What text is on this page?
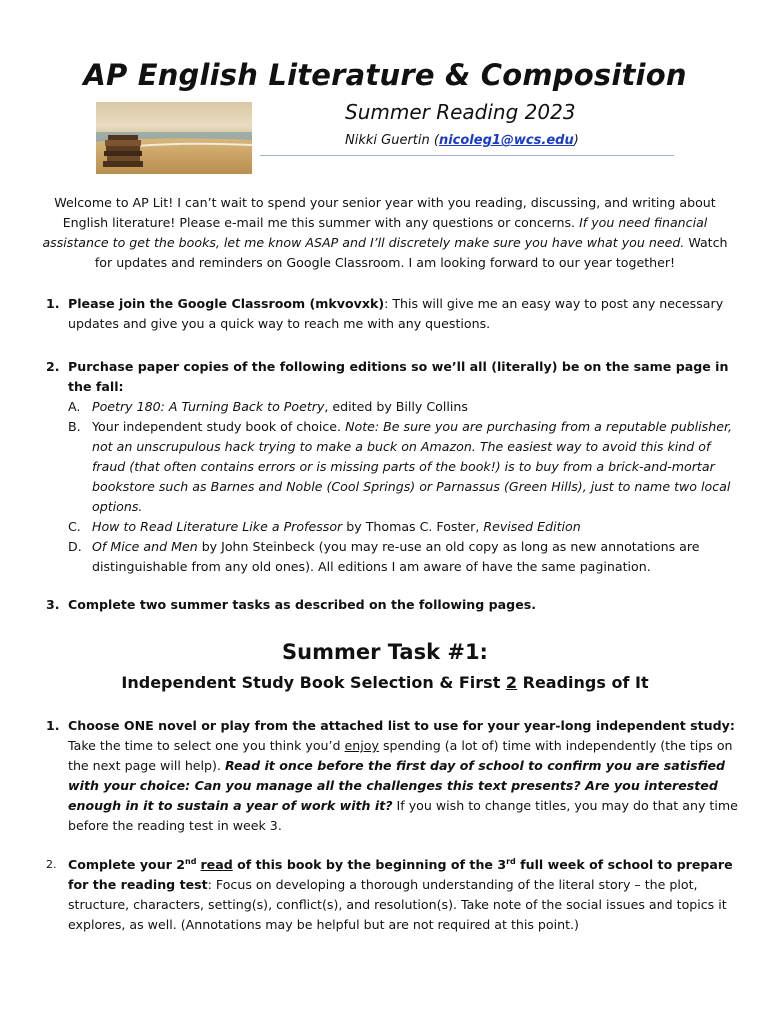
AP English Literature & Composition
Summer Reading 2023
Nikki Guertin (nicoleg1@wcs.edu)
Welcome to AP Lit! I can’t wait to spend your senior year with you reading, discussing, and writing about English literature! Please e-mail me this summer with any questions or concerns. If you need financial assistance to get the books, let me know ASAP and I’ll discretely make sure you have what you need. Watch for updates and reminders on Google Classroom. I am looking forward to our year together!
1. Please join the Google Classroom (mkvovxk): This will give me an easy way to post any necessary updates and give you a quick way to reach me with any questions.
2. Purchase paper copies of the following editions so we’ll all (literally) be on the same page in the fall:
A. Poetry 180: A Turning Back to Poetry, edited by Billy Collins
B. Your independent study book of choice. Note: Be sure you are purchasing from a reputable publisher, not an unscrupulous hack trying to make a buck on Amazon. The easiest way to avoid this kind of fraud (that often contains errors or is missing parts of the book!) is to buy from a brick-and-mortar bookstore such as Barnes and Noble (Cool Springs) or Parnassus (Green Hills), just to name two local options.
C. How to Read Literature Like a Professor by Thomas C. Foster, Revised Edition
D. Of Mice and Men by John Steinbeck (you may re-use an old copy as long as new annotations are distinguishable from any old ones). All editions I am aware of have the same pagination.
3. Complete two summer tasks as described on the following pages.
Summer Task #1:
Independent Study Book Selection & First 2 Readings of It
1. Choose ONE novel or play from the attached list to use for your year-long independent study: Take the time to select one you think you’d enjoy spending (a lot of) time with independently (the tips on the next page will help). Read it once before the first day of school to confirm you are satisfied with your choice: Can you manage all the challenges this text presents? Are you interested enough in it to sustain a year of work with it? If you wish to change titles, you may do that any time before the reading test in week 3.
2. Complete your 2nd read of this book by the beginning of the 3rd full week of school to prepare for the reading test: Focus on developing a thorough understanding of the literal story – the plot, structure, characters, setting(s), conflict(s), and resolution(s). Take note of the social issues and topics it explores, as well. (Annotations may be helpful but are not required at this point.)
